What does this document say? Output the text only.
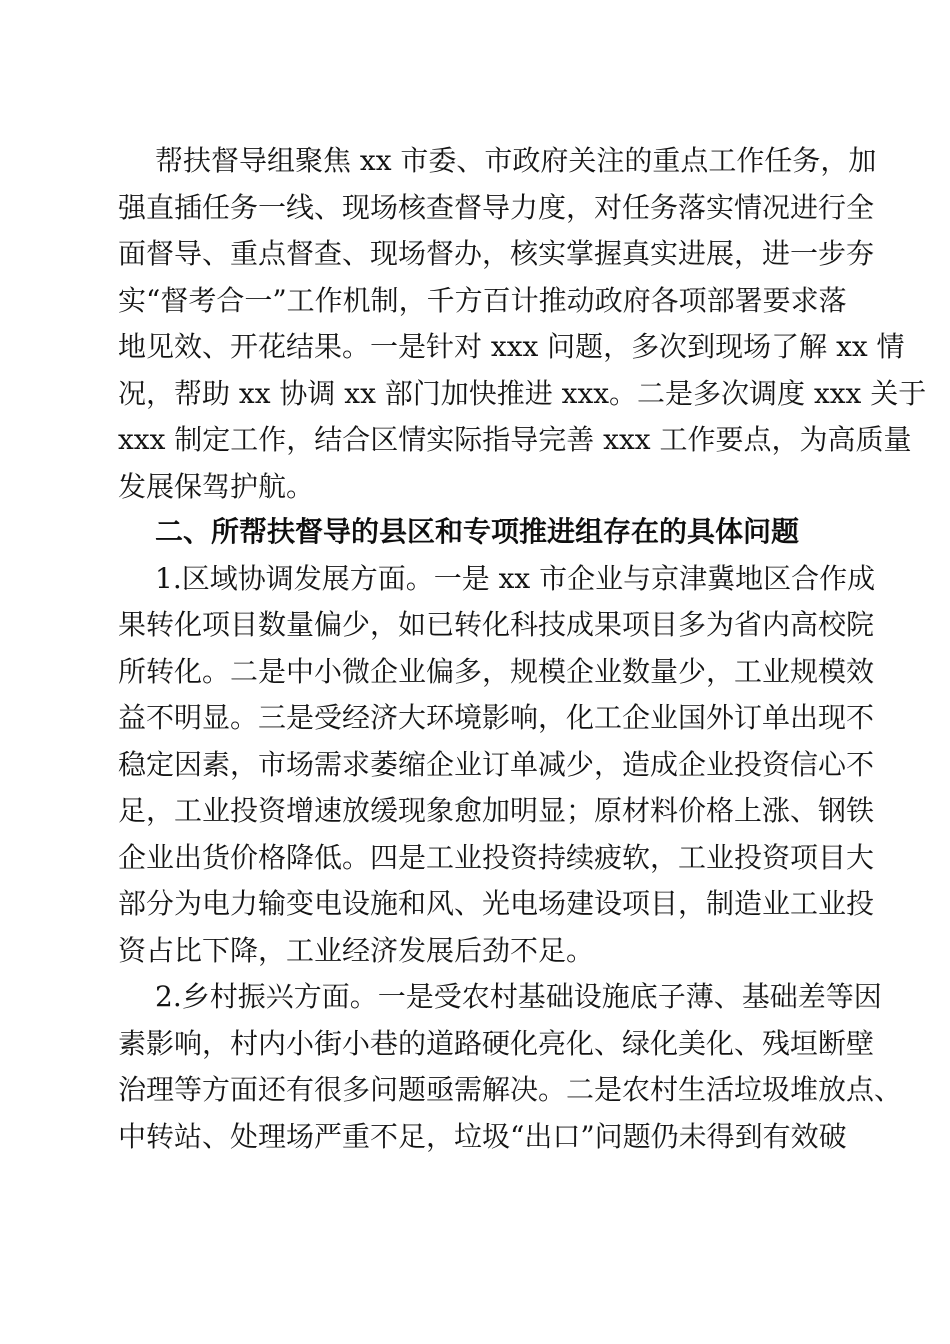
帮扶督导组聚焦 xx 市委、市政府关注的重点工作任务，加

强直插任务一线、现场核查督导力度，对任务落实情况进行全

面督导、重点督查、现场督办，核实掌握真实进展，进一步夯

实“督考合一”工作机制，千方百计推动政府各项部署要求落

地见效、开花结果。一是针对 xxx 问题，多次到现场了解 xx 情

况，帮助 xx 协调 xx 部门加快推进 xxx。二是多次调度 xxx 关于

xxx 制定工作，结合区情实际指导完善 xxx 工作要点，为高质量

发展保驾护航。

二、所帮扶督导的县区和专项推进组存在的具体问题

1.区域协调发展方面。一是 xx 市企业与京津冀地区合作成

果转化项目数量偏少，如已转化科技成果项目多为省内高校院

所转化。二是中小微企业偏多，规模企业数量少，工业规模效

益不明显。三是受经济大环境影响，化工企业国外订单出现不

稳定因素，市场需求萎缩企业订单减少，造成企业投资信心不

足，工业投资增速放缓现象愈加明显；原材料价格上涨、钢铁

企业出货价格降低。四是工业投资持续疲软，工业投资项目大

部分为电力输变电设施和风、光电场建设项目，制造业工业投

资占比下降，工业经济发展后劲不足。

2.乡村振兴方面。一是受农村基础设施底子薄、基础差等因

素影响，村内小街小巷的道路硬化亮化、绿化美化、残垣断壁

治理等方面还有很多问题亟需解决。二是农村生活垃圾堆放点、

中转站、处理场严重不足，垃圾“出口”问题仍未得到有效破
